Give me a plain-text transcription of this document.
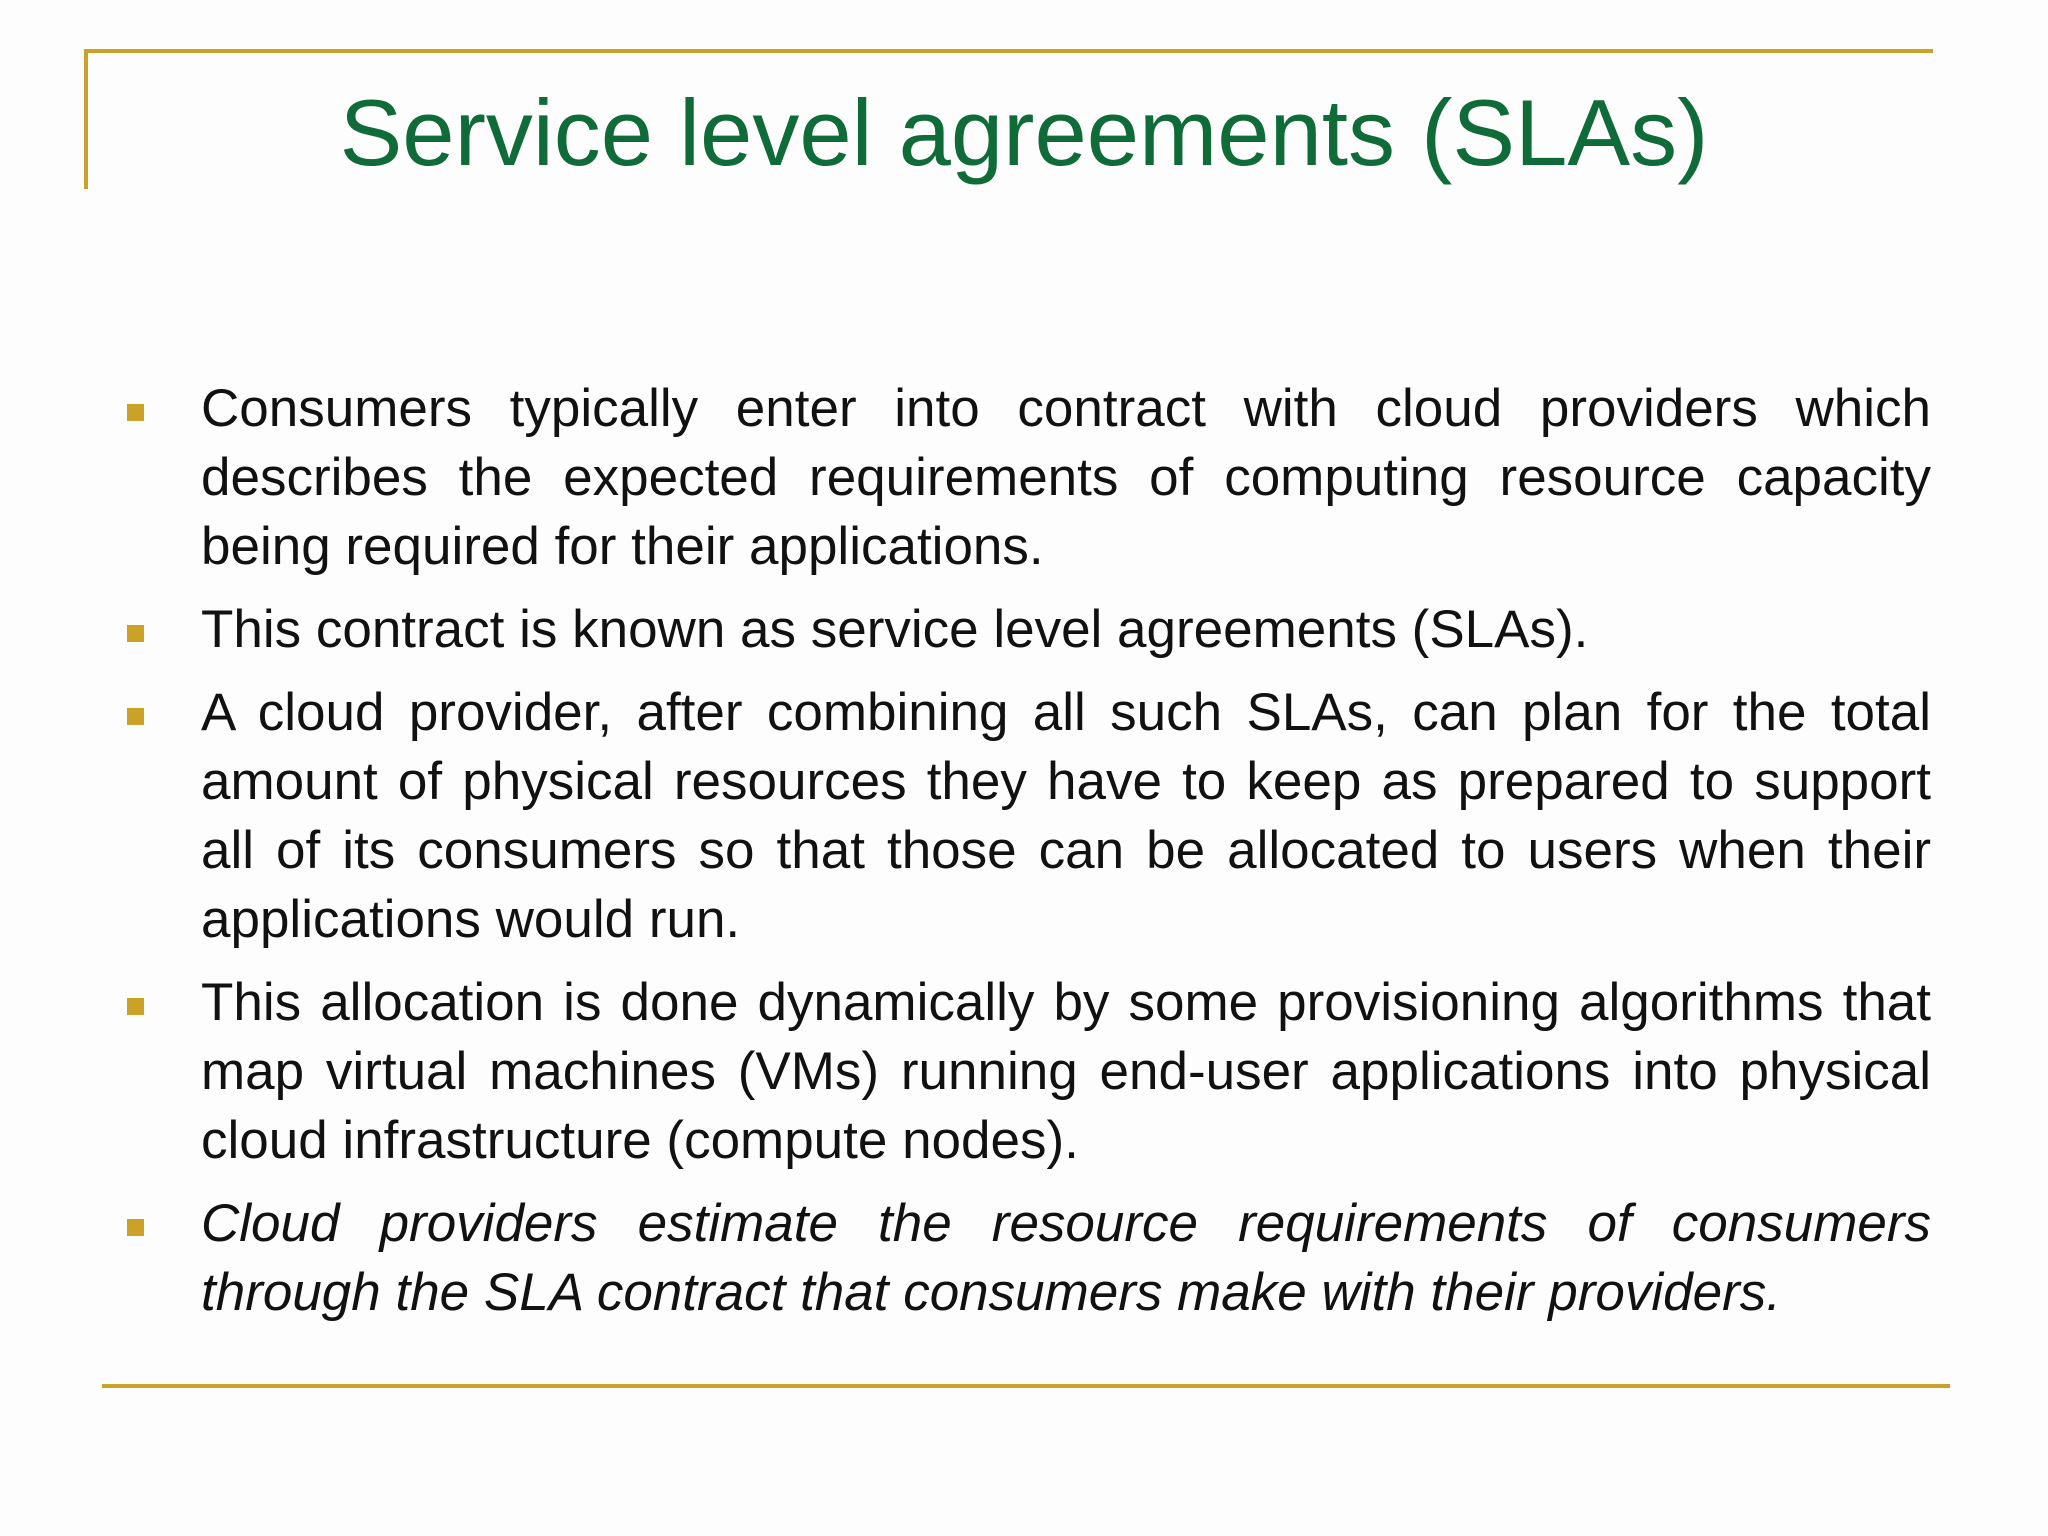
Service level agreements (SLAs)
Consumers typically enter into contract with cloud providers which describes the expected requirements of computing resource capacity being required for their applications.
This contract is known as service level agreements (SLAs).
A cloud provider, after combining all such SLAs, can plan for the total amount of physical resources they have to keep as prepared to support all of its consumers so that those can be allocated to users when their applications would run.
This allocation is done dynamically by some provisioning algorithms that map virtual machines (VMs) running end-user applications into physical cloud infrastructure (compute nodes).
Cloud providers estimate the resource requirements of consumers through the SLA contract that consumers make with their providers.
